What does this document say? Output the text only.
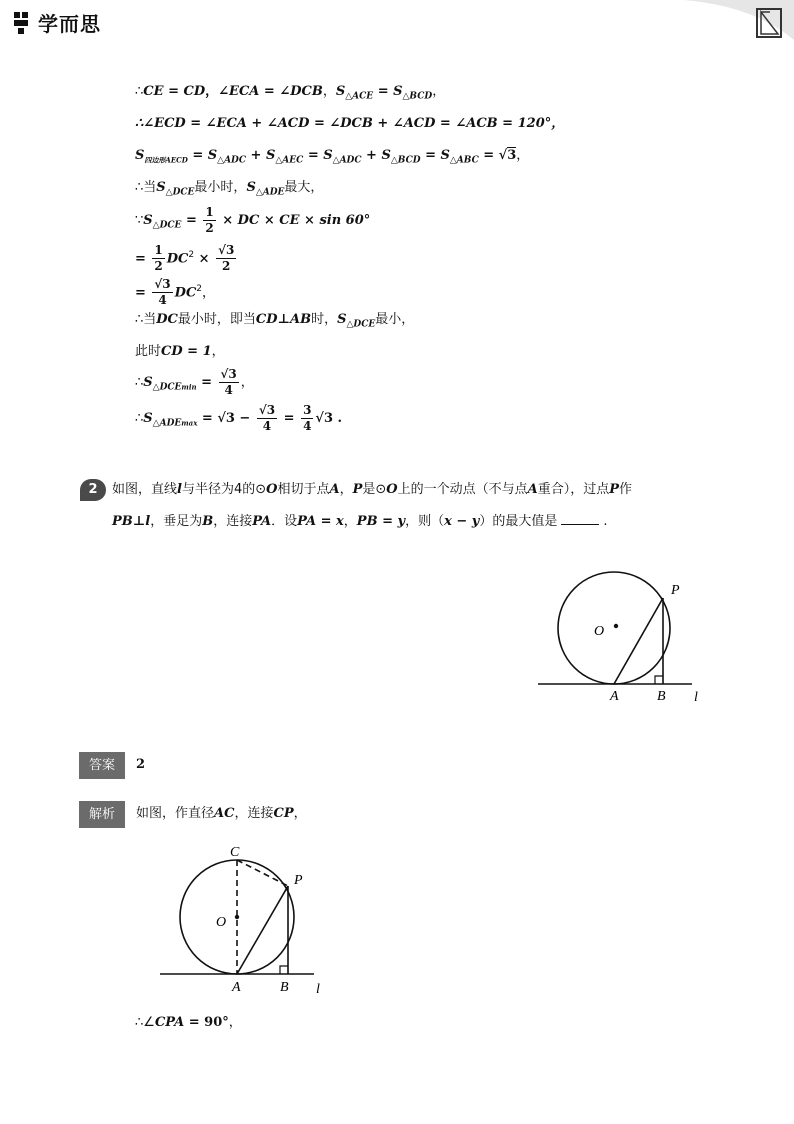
学而思
∴CE = CD，∠ECA = ∠DCB，$S_{\triangle ACE} = S_{\triangle BCD}$，
∴∠ECD = ∠ECA + ∠ACD = ∠DCB + ∠ACD = ∠ACB = 120°，
$S_{四边形AECD} = S_{\triangle ADC} + S_{\triangle AEC} = S_{\triangle ADC} + S_{\triangle BCD} = S_{\triangle ABC} = √3$，
∴当$S_{\triangle DCE}$最小时，$S_{\triangle ADE}$最大，
$\because S_{\triangle DCE} = \frac{1}{2}$ × DC × CE × sin 60°
= $\frac{1}{2} DC^2 \times \frac{√3}{2}$
= $\frac{√3}{4} DC^2$，
∴当DC最小时，即当CD⊥AB时，$S_{\triangle DCE}$最小，
此时CD = 1，
$\therefore S_{\triangle DCEmin} = \frac{√3}{4}$ ，
$\therefore S_{\triangle ADEmax} = √3 - \frac{√3}{4} = \frac{3}{4} √3$ .
2	如图，直线l与半径为4的⊙O相切于点A，P是⊙O上的一个动点（不与点A重合），过点P作
PB⊥l，垂足为B，连接PA．设PA = x，PB = y，则（x − y）的最大值是	.
P
O
A	B l
答案	2
解析	如图，作直径AC，连接CP，
C
P
O
A	B l
∴∠CPA = 90°，
